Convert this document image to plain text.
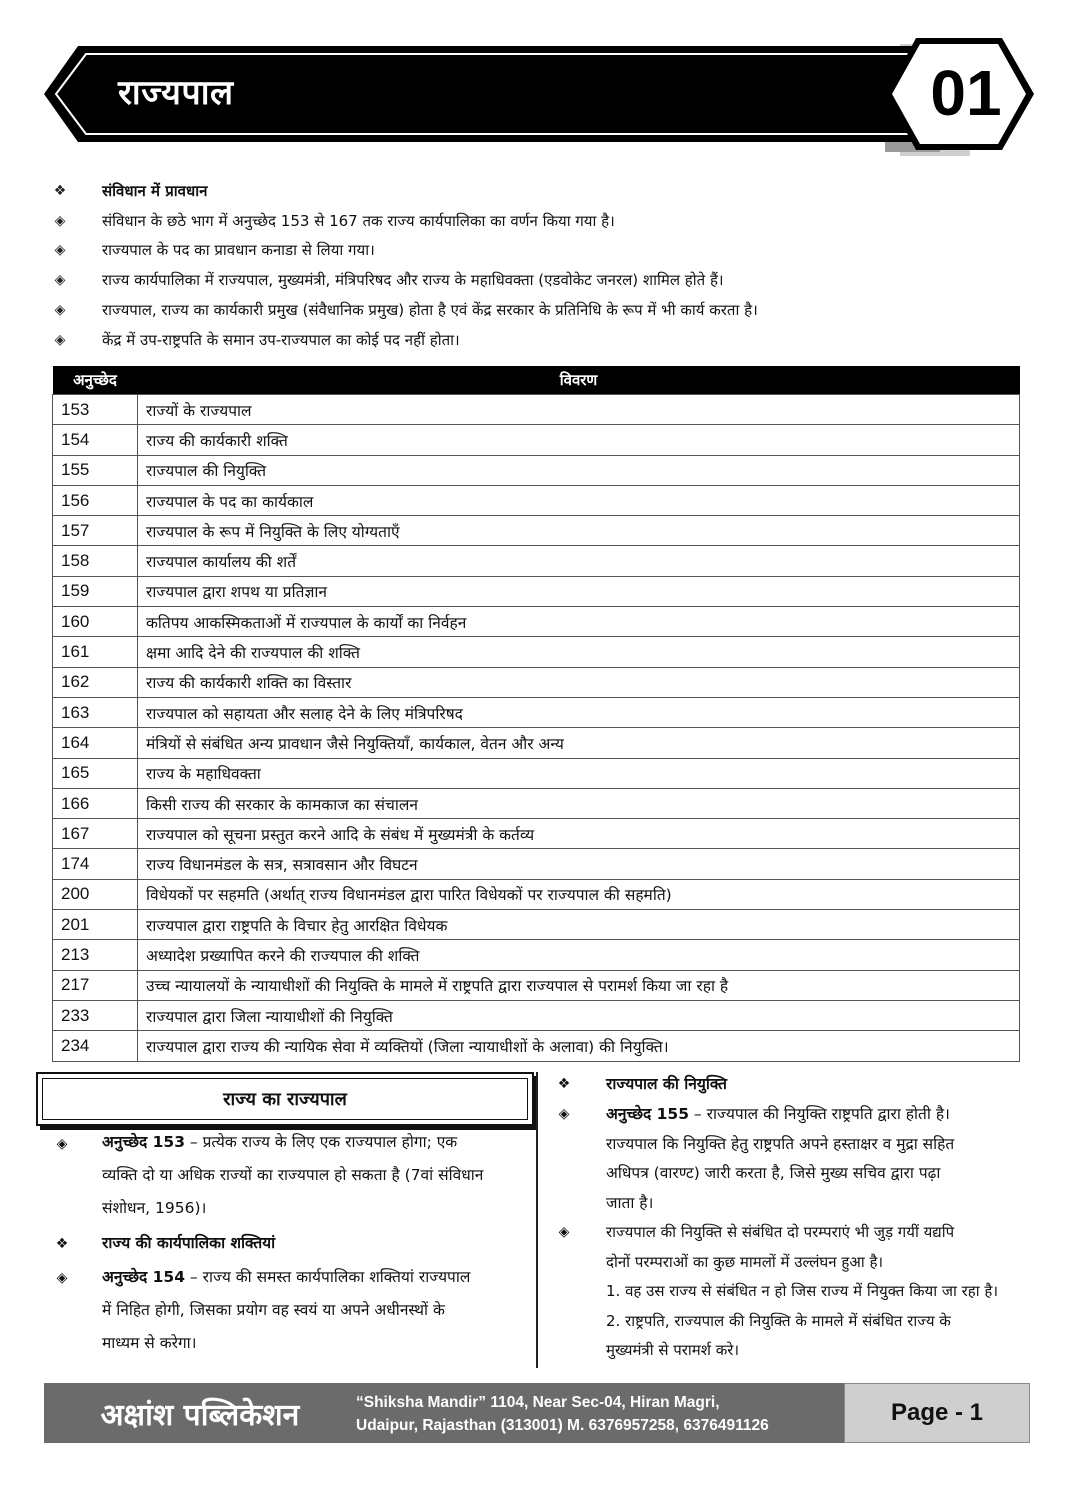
राज्यपाल	01
❖ संविधान में प्रावधान
◈	संविधान के छठे भाग में अनुच्छेद 153 से 167 तक राज्य कार्यपालिका का वर्णन किया गया है।
◈	राज्यपाल के पद का प्रावधान कनाडा से लिया गया।
◈	राज्य कार्यपालिका में राज्यपाल, मुख्यमंत्री, मंत्रिपरिषद और राज्य के महाधिवक्ता (एडवोकेट जनरल) शामिल होते हैं।
◈	राज्यपाल, राज्य का कार्यकारी प्रमुख (संवैधानिक प्रमुख) होता है एवं केंद्र सरकार के प्रतिनिधि के रूप में भी कार्य करता है।
◈	केंद्र में उप-राष्ट्रपति के समान उप-राज्यपाल का कोई पद नहीं होता।
अनुच्छेद	विवरण
153	राज्यों के राज्यपाल
154	राज्य की कार्यकारी शक्ति
155	राज्यपाल की नियुक्ति
156	राज्यपाल के पद का कार्यकाल
157	राज्यपाल के रूप में नियुक्ति के लिए योग्यताएँ
158	राज्यपाल कार्यालय की शर्तें
159	राज्यपाल द्वारा शपथ या प्रतिज्ञान
160	कतिपय आकस्मिकताओं में राज्यपाल के कार्यों का निर्वहन
161	क्षमा आदि देने की राज्यपाल की शक्ति
162	राज्य की कार्यकारी शक्ति का विस्तार
163	राज्यपाल को सहायता और सलाह देने के लिए मंत्रिपरिषद
164	मंत्रियों से संबंधित अन्य प्रावधान जैसे नियुक्तियाँ, कार्यकाल, वेतन और अन्य
165	राज्य के महाधिवक्ता
166	किसी राज्य की सरकार के कामकाज का संचालन
167	राज्यपाल को सूचना प्रस्तुत करने आदि के संबंध में मुख्यमंत्री के कर्तव्य
174	राज्य विधानमंडल के सत्र, सत्रावसान और विघटन
200	विधेयकों पर सहमति (अर्थात् राज्य विधानमंडल द्वारा पारित विधेयकों पर राज्यपाल की सहमति)
201	राज्यपाल द्वारा राष्ट्रपति के विचार हेतु आरक्षित विधेयक
213	अध्यादेश प्रख्यापित करने की राज्यपाल की शक्ति
217	उच्च न्यायालयों के न्यायाधीशों की नियुक्ति के मामले में राष्ट्रपति द्वारा राज्यपाल से परामर्श किया जा रहा है
233	राज्यपाल द्वारा जिला न्यायाधीशों की नियुक्ति
234	राज्यपाल द्वारा राज्य की न्यायिक सेवा में व्यक्तियों (जिला न्यायाधीशों के अलावा) की नियुक्ति।
राज्य का राज्यपाल
◈ अनुच्छेद 153 – प्रत्येक राज्य के लिए एक राज्यपाल होगा; एक
व्यक्ति दो या अधिक राज्यों का राज्यपाल हो सकता है (7वां संविधान
संशोधन, 1956)।
❖ राज्य की कार्यपालिका शक्तियां
◈ अनुच्छेद 154 – राज्य की समस्त कार्यपालिका शक्तियां राज्यपाल
में निहित होगी, जिसका प्रयोग वह स्वयं या अपने अधीनस्थों के
माध्यम से करेगा।
❖ राज्यपाल की नियुक्ति
◈ अनुच्छेद 155 – राज्यपाल की नियुक्ति राष्ट्रपति द्वारा होती है।
राज्यपाल कि नियुक्ति हेतु राष्ट्रपति अपने हस्ताक्षर व मुद्रा सहित
अधिपत्र (वारण्ट) जारी करता है, जिसे मुख्य सचिव द्वारा पढ़ा
जाता है।
◈	राज्यपाल की नियुक्ति से संबंधित दो परम्पराएं भी जुड़ गयीं यद्यपि
दोनों परम्पराओं का कुछ मामलों में उल्लंघन हुआ है।
1. वह उस राज्य से संबंधित न हो जिस राज्य में नियुक्त किया जा रहा है।
2. राष्ट्रपति, राज्यपाल की नियुक्ति के मामले में संबंधित राज्य के
मुख्यमंत्री से परामर्श करे।
अक्षांश पब्लिकेशन	“Shiksha Mandir” 1104, Near Sec-04, Hiran Magri,
Udaipur, Rajasthan (313001) M. 6376957258, 6376491126	Page - 1
